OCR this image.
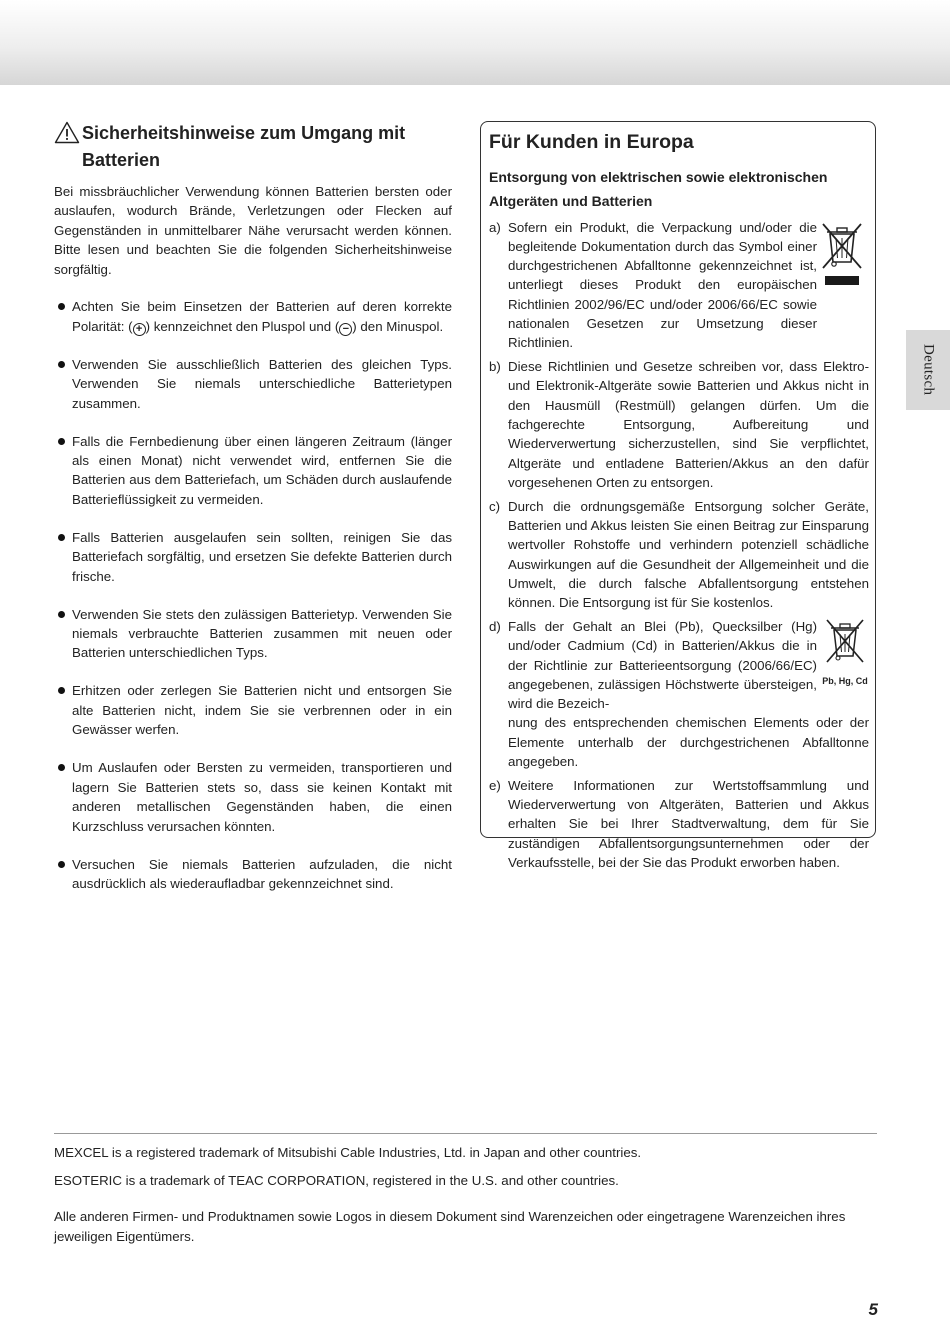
Deutsch
Sicherheitshinweise zum Umgang mit Batterien

Bei missbräuchlicher Verwendung können Batterien bersten oder auslaufen, wodurch Brände, Verletzungen oder Flecken auf Gegenständen in unmittelbarer Nähe verursacht werden können. Bitte lesen und beachten Sie die folgenden Sicherheitshinweise sorgfältig.

Achten Sie beim Einsetzen der Batterien auf deren korrekte Polarität: ( + ) kennzeichnet den Pluspol und ( − ) den Minuspol.
Verwenden Sie ausschließlich Batterien des gleichen Typs. Verwenden Sie niemals unterschiedliche Batterietypen zusammen.
Falls die Fernbedienung über einen längeren Zeitraum (länger als einen Monat) nicht verwendet wird, entfernen Sie die Batterien aus dem Batteriefach, um Schäden durch auslaufende Batterieflüssigkeit zu vermeiden.
Falls Batterien ausgelaufen sein sollten, reinigen Sie das Batteriefach sorgfältig, und ersetzen Sie defekte Batterien durch frische.
Verwenden Sie stets den zulässigen Batterietyp. Verwenden Sie niemals verbrauchte Batterien zusammen mit neuen oder Batterien unterschiedlichen Typs.
Erhitzen oder zerlegen Sie Batterien nicht und entsorgen Sie alte Batterien nicht, indem Sie sie verbrennen oder in ein Gewässer werfen.
Um Auslaufen oder Bersten zu vermeiden, transportieren und lagern Sie Batterien stets so, dass sie keinen Kontakt mit anderen metallischen Gegenständen haben, die einen Kurzschluss verursachen könnten.
Versuchen Sie niemals Batterien aufzuladen, die nicht ausdrücklich als wiederaufladbar gekennzeichnet sind.
Für Kunden in Europa
Entsorgung von elektrischen sowie elektronischen Altgeräten und Batterien
a) Sofern ein Produkt, die Verpackung und/oder die begleitende Dokumentation durch das Symbol einer durchgestrichenen Abfalltonne gekennzeichnet ist, unterliegt dieses Produkt den europäischen Richtlinien 2002/96/EC und/oder 2006/66/EC sowie nationalen Gesetzen zur Umsetzung dieser Richtlinien.
b) Diese Richtlinien und Gesetze schreiben vor, dass Elektro- und Elektronik-Altgeräte sowie Batterien und Akkus nicht in den Hausmüll (Restmüll) gelangen dürfen. Um die fachgerechte Entsorgung, Aufbereitung und Wiederverwertung sicherzustellen, sind Sie verpflichtet, Altgeräte und entladene Batterien/Akkus an den dafür vorgesehenen Orten zu entsorgen.
c) Durch die ordnungsgemäße Entsorgung solcher Geräte, Batterien und Akkus leisten Sie einen Beitrag zur Einsparung wertvoller Rohstoffe und verhindern potenziell schädliche Auswirkungen auf die Gesundheit der Allgemeinheit und die Umwelt, die durch falsche Abfallentsorgung entstehen können. Die Entsorgung ist für Sie kostenlos.
d)
Pb, Hg, Cd
Falls der Gehalt an Blei (Pb), Quecksilber (Hg) und/oder Cadmium (Cd) in Batterien/Akkus die in der Richtlinie zur Batterieentsorgung (2006/66/EC) angegebenen, zulässigen Höchstwerte übersteigen, wird die Bezeich-
nung des entsprechenden chemischen Elements oder der Elemente unterhalb der durchgestrichenen Abfalltonne angegeben.
e) Weitere Informationen zur Wertstoffsammlung und Wiederverwertung von Altgeräten, Batterien und Akkus erhalten Sie bei Ihrer Stadtverwaltung, dem für Sie zuständigen Abfallentsorgungsunternehmen oder der Verkaufsstelle, bei der Sie das Produkt erworben haben.

MEXCEL is a registered trademark of Mitsubishi Cable Industries, Ltd. in Japan and other countries.

ESOTERIC is a trademark of TEAC CORPORATION, registered in the U.S. and other countries.

Alle anderen Firmen- und Produktnamen sowie Logos in diesem Dokument sind Warenzeichen oder eingetragene Warenzeichen ihres jeweiligen Eigentümers.

5
